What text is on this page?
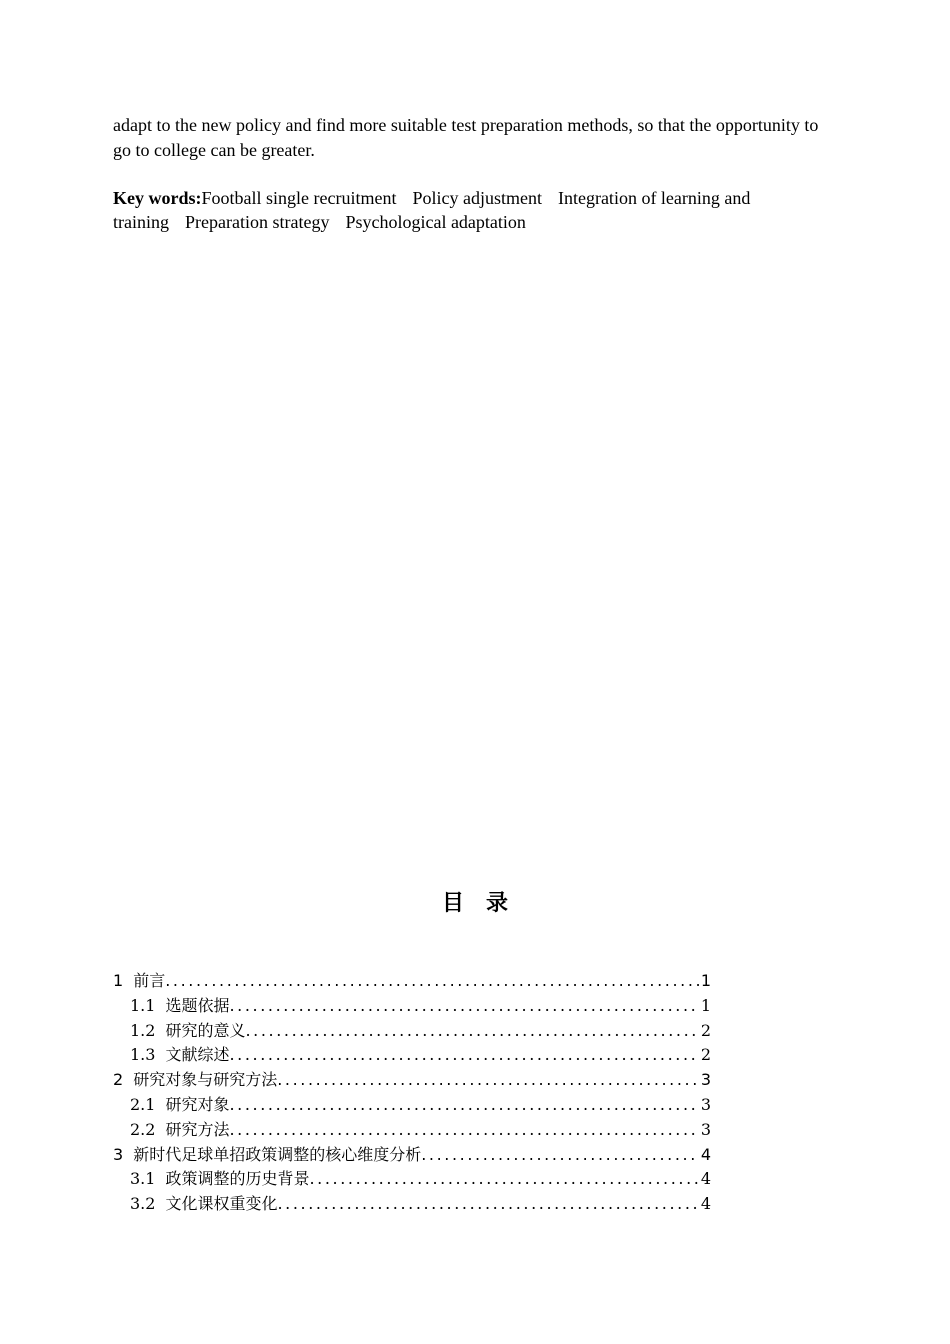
adapt to the new policy and find more suitable test preparation methods, so that the opportunity to go to college can be greater.

Key words:Football single recruitment Policy adjustment Integration of learning and training Preparation strategy Psychological adaptation

目　录
1 前言 .....	1
1.1 选题依据 .....	1
1.2 研究的意义 .....	2
1.3 文献综述 .....	2
2 研究对象与研究方法 .....	3
2.1 研究对象 .....	3
2.2 研究方法 .....	3
3 新时代足球单招政策调整的核心维度分析 .....	4
3.1 政策调整的历史背景 .....	4
3.2 文化课权重变化 .....	4
